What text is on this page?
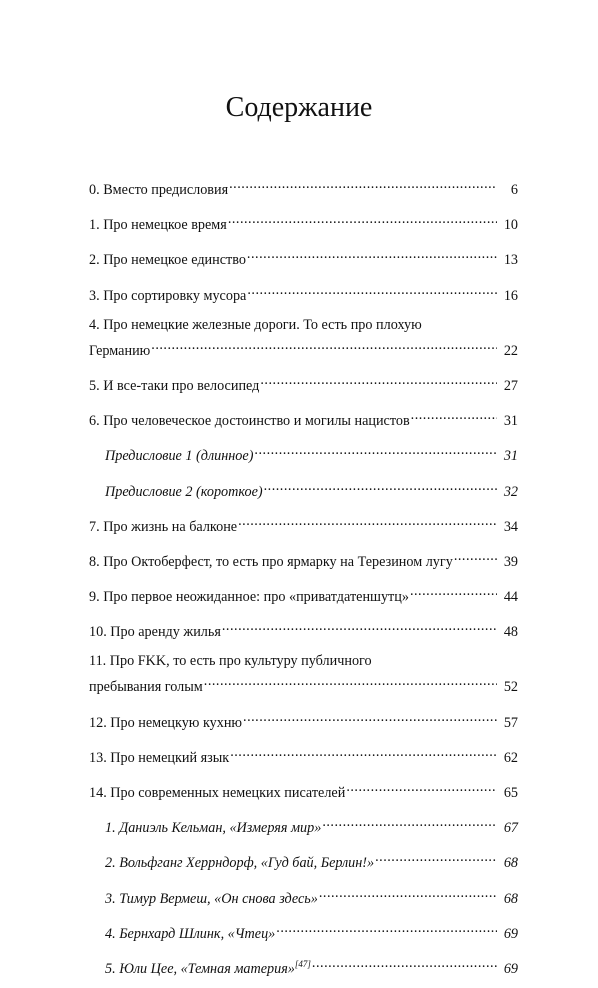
Содержание
0. Вместо предисловия .....	6
1. Про немецкое время .....	10
2. Про немецкое единство .....	13
3. Про сортировку мусора .....	16
4. Про немецкие железные дороги. То есть про плохую
Германию .....	22
5. И все-таки про велосипед .....	27
6. Про человеческое достоинство и могилы нацистов .....	31
Предисловие 1 (длинное) .....	31
Предисловие 2 (короткое) .....	32
7. Про жизнь на балконе .....	34
8. Про Октоберфест, то есть про ярмарку на Терезином лугу .....	39
9. Про первое неожиданное: про «приватдатеншутц» .....	44
10. Про аренду жилья .....	48
11. Про FKK, то есть про культуру публичного
пребывания голым .....	52
12. Про немецкую кухню .....	57
13. Про немецкий язык .....	62
14. Про современных немецких писателей .....	65
1. Даниэль Кельман, «Измеряя мир» .....	67
2. Вольфганг Херрндорф, «Гуд бай, Берлин!» .....	68
3. Тимур Вермеш, «Он снова здесь» .....	68
4. Бернхард Шлинк, «Чтец» .....	69
5. Юли Цее, «Темная материя»[47] .....	69
